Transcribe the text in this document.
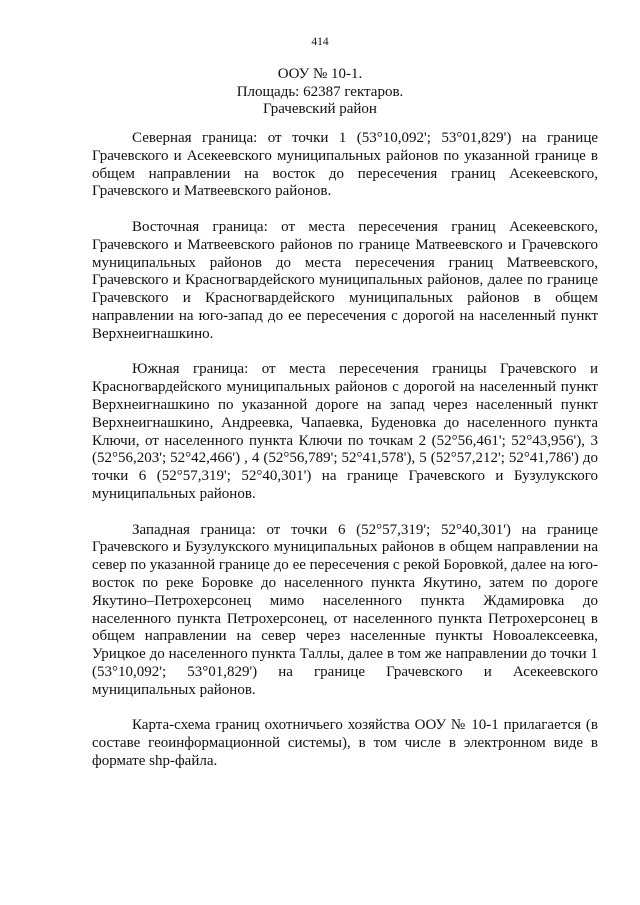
414
ООУ № 10-1.
Площадь: 62387 гектаров.
Грачевский район

Северная граница: от точки 1 (53°10,092'; 53°01,829') на границе Грачевского и Асекеевского муниципальных районов по указанной границе в общем направлении на восток до пересечения границ Асекеевского, Грачевского и Матвеевского районов.

Восточная граница: от места пересечения границ Асекеевского, Грачевского и Матвеевского районов по границе Матвеевского и Грачевского муниципальных районов до места пересечения границ Матвеевского, Грачевского и Красногвардейского муниципальных районов, далее по границе Грачевского и Красногвардейского муниципальных районов в общем направлении на юго-запад до ее пересечения с дорогой на населенный пункт Верхнеигнашкино.

Южная граница: от места пересечения границы Грачевского и Красногвардейского муниципальных районов с дорогой на населенный пункт Верхнеигнашкино по указанной дороге на запад через населенный пункт Верхнеигнашкино, Андреевка, Чапаевка, Буденовка до населенного пункта Ключи, от населенного пункта Ключи по точкам 2 (52°56,461'; 52°43,956'), 3 (52°56,203'; 52°42,466') , 4 (52°56,789'; 52°41,578'), 5 (52°57,212'; 52°41,786') до точки 6 (52°57,319'; 52°40,301') на границе Грачевского и Бузулукского муниципальных районов.

Западная граница: от точки 6 (52°57,319'; 52°40,301') на границе Грачевского и Бузулукского муниципальных районов в общем направлении на север по указанной границе до ее пересечения с рекой Боровкой, далее на юго-восток по реке Боровке до населенного пункта Якутино, затем по дороге Якутино–Петрохерсонец мимо населенного пункта Ждамировка до населенного пункта Петрохерсонец, от населенного пункта Петрохерсонец в общем направлении на север через населенные пункты Новоалексеевка, Урицкое до населенного пункта Таллы, далее в том же направлении до точки 1 (53°10,092'; 53°01,829') на границе Грачевского и Асекеевского муниципальных районов.

Карта-схема границ охотничьего хозяйства ООУ № 10-1 прилагается (в составе геоинформационной системы), в том числе в электронном виде в формате shp-файла.
